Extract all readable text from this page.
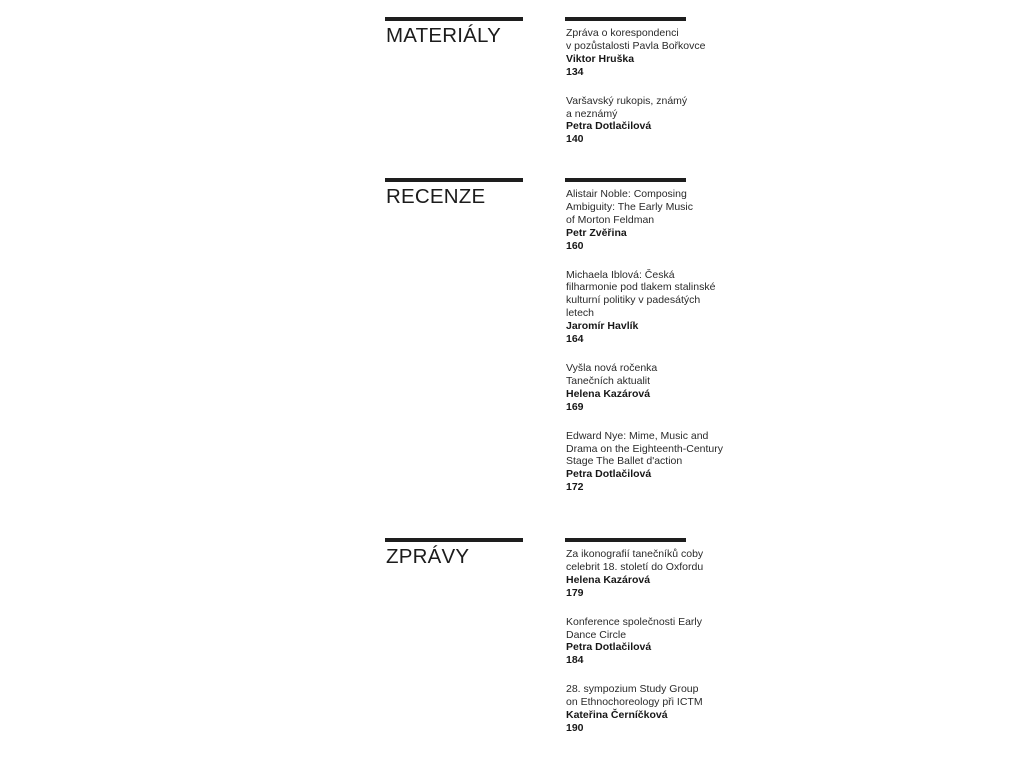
MATERIÁLY	Zpráva o korespondenci
v pozůstalosti Pavla Bořkovce
Viktor Hruška
134
Varšavský rukopis, známý
a neznámý
Petra Dotlačilová
140
RECENZE	Alistair Noble: Composing
Ambiguity: The Early Music
of Morton Feldman
Petr Zvěřina
160
Michaela Iblová: Česká
filharmonie pod tlakem stalinské
kulturní politiky v padesátých
letech
Jaromír Havlík
164
Vyšla nová ročenka
Tanečních aktualit
Helena Kazárová
169
Edward Nye: Mime, Music and
Drama on the Eighteenth-Century
Stage The Ballet d'action
Petra Dotlačilová
172
ZPRÁVY	Za ikonografií tanečníků coby
celebrit 18. století do Oxfordu
Helena Kazárová
179
Konference společnosti Early
Dance Circle
Petra Dotlačilová
184
28. sympozium Study Group
on Ethnochoreology při ICTM
Kateřina Černíčková
190
